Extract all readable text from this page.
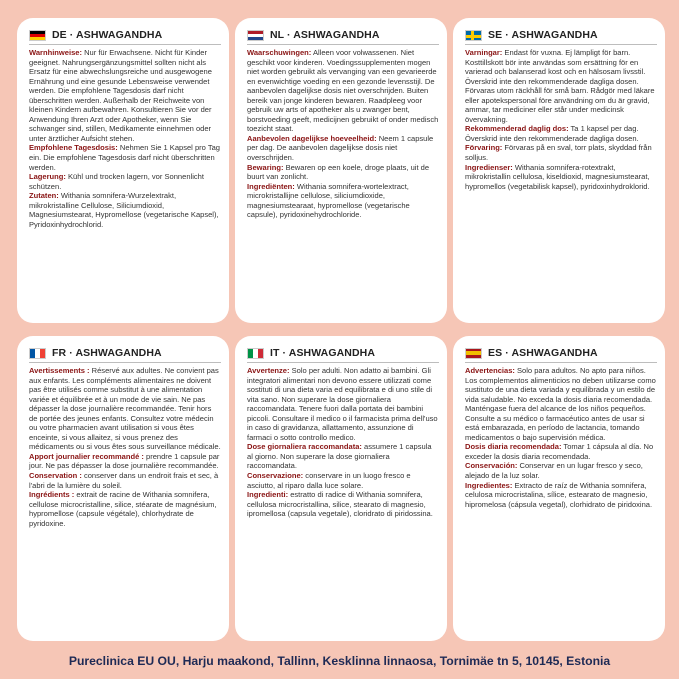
DE · ASHWAGANDHA
Warnhinweise: Nur für Erwachsene. Nicht für Kinder geeignet. Nahrungsergänzungsmittel sollten nicht als Ersatz für eine abwechslungsreiche und ausgewogene Ernährung und eine gesunde Lebensweise verwendet werden. Die empfohlene Tagesdosis darf nicht überschritten werden. Außerhalb der Reichweite von kleinen Kindern aufbewahren. Konsultieren Sie vor der Anwendung Ihren Arzt oder Apotheker, wenn Sie schwanger sind, stillen, Medikamente einnehmen oder unter ärztlicher Aufsicht stehen.
Empfohlene Tagesdosis: Nehmen Sie 1 Kapsel pro Tag ein. Die empfohlene Tagesdosis darf nicht überschritten werden.
Lagerung: Kühl und trocken lagern, vor Sonnenlicht schützen.
Zutaten: Withania somnifera-Wurzelextrakt, mikrokristalline Cellulose, Siliciumdioxid, Magnesiumstearat, Hypromellose (vegetarische Kapsel), Pyridoxinhydrochlorid.
NL · ASHWAGANDHA
Waarschuwingen: Alleen voor volwassenen. Niet geschikt voor kinderen. Voedingssupplementen mogen niet worden gebruikt als vervanging van een gevarieerde en evenwichtige voeding en een gezonde levensstijl. De aanbevolen dagelijkse dosis niet overschrijden. Buiten bereik van jonge kinderen bewaren. Raadpleeg voor gebruik uw arts of apotheker als u zwanger bent, borstvoeding geeft, medicijnen gebruikt of onder medisch toezicht staat.
Aanbevolen dagelijkse hoeveelheid: Neem 1 capsule per dag. De aanbevolen dagelijkse dosis niet overschrijden.
Bewaring: Bewaren op een koele, droge plaats, uit de buurt van zonlicht.
Ingrediënten: Withania somnifera-wortelextract, microkristallijne cellulose, siliciumdioxide, magnesiumstearaat, hypromellose (vegetarische capsule), pyridoxinehydrochloride.
SE · ASHWAGANDHA
Varningar: Endast för vuxna. Ej lämpligt för barn. Kosttillskott bör inte användas som ersättning för en varierad och balanserad kost och en hälsosam livsstil. Överskrid inte den rekommenderade dagliga dosen. Förvaras utom räckhåll för små barn. Rådgör med läkare eller apotekspersonal före användning om du är gravid, ammar, tar mediciner eller står under medicinsk övervakning.
Rekommenderad daglig dos: Ta 1 kapsel per dag. Överskrid inte den rekommenderade dagliga dosen.
Förvaring: Förvaras på en sval, torr plats, skyddad från solljus.
Ingredienser: Withania somnifera-rotextrakt, mikrokristallin cellulosa, kiseldioxid, magnesiumstearat, hypromellos (vegetabilisk kapsel), pyridoxinhydroklorid.
FR · ASHWAGANDHA
Avertissements : Réservé aux adultes. Ne convient pas aux enfants. Les compléments alimentaires ne doivent pas être utilisés comme substitut à une alimentation variée et équilibrée et à un mode de vie sain. Ne pas dépasser la dose journalière recommandée. Tenir hors de portée des jeunes enfants. Consultez votre médecin ou votre pharmacien avant utilisation si vous êtes enceinte, si vous allaitez, si vous prenez des médicaments ou si vous êtes sous surveillance médicale.
Apport journalier recommandé : prendre 1 capsule par jour. Ne pas dépasser la dose journalière recommandée.
Conservation : conserver dans un endroit frais et sec, à l'abri de la lumière du soleil.
Ingrédients : extrait de racine de Withania somnifera, cellulose microcristalline, silice, stéarate de magnésium, hypromellose (capsule végétale), chlorhydrate de pyridoxine.
IT · ASHWAGANDHA
Avvertenze: Solo per adulti. Non adatto ai bambini. Gli integratori alimentari non devono essere utilizzati come sostituti di una dieta varia ed equilibrata e di uno stile di vita sano. Non superare la dose giornaliera raccomandata. Tenere fuori dalla portata dei bambini piccoli. Consultare il medico o il farmacista prima dell'uso in caso di gravidanza, allattamento, assunzione di farmaci o sotto controllo medico.
Dose giornaliera raccomandata: assumere 1 capsula al giorno. Non superare la dose giornaliera raccomandata.
Conservazione: conservare in un luogo fresco e asciutto, al riparo dalla luce solare.
Ingredienti: estratto di radice di Withania somnifera, cellulosa microcristallina, silice, stearato di magnesio, ipromellosa (capsula vegetale), cloridrato di piridossina.
ES · ASHWAGANDHA
Advertencias: Solo para adultos. No apto para niños. Los complementos alimenticios no deben utilizarse como sustituto de una dieta variada y equilibrada y un estilo de vida saludable. No exceda la dosis diaria recomendada. Manténgase fuera del alcance de los niños pequeños. Consulte a su médico o farmacéutico antes de usar si está embarazada, en período de lactancia, tomando medicamentos o bajo supervisión médica.
Dosis diaria recomendada: Tomar 1 cápsula al día. No exceder la dosis diaria recomendada.
Conservación: Conservar en un lugar fresco y seco, alejado de la luz solar.
Ingredientes: Extracto de raíz de Withania somnifera, celulosa microcristalina, sílice, estearato de magnesio, hipromelosa (cápsula vegetal), clorhidrato de piridoxina.
Pureclinica EU OU, Harju maakond, Tallinn, Kesklinna linnaosa, Tornimäe tn 5, 10145, Estonia
